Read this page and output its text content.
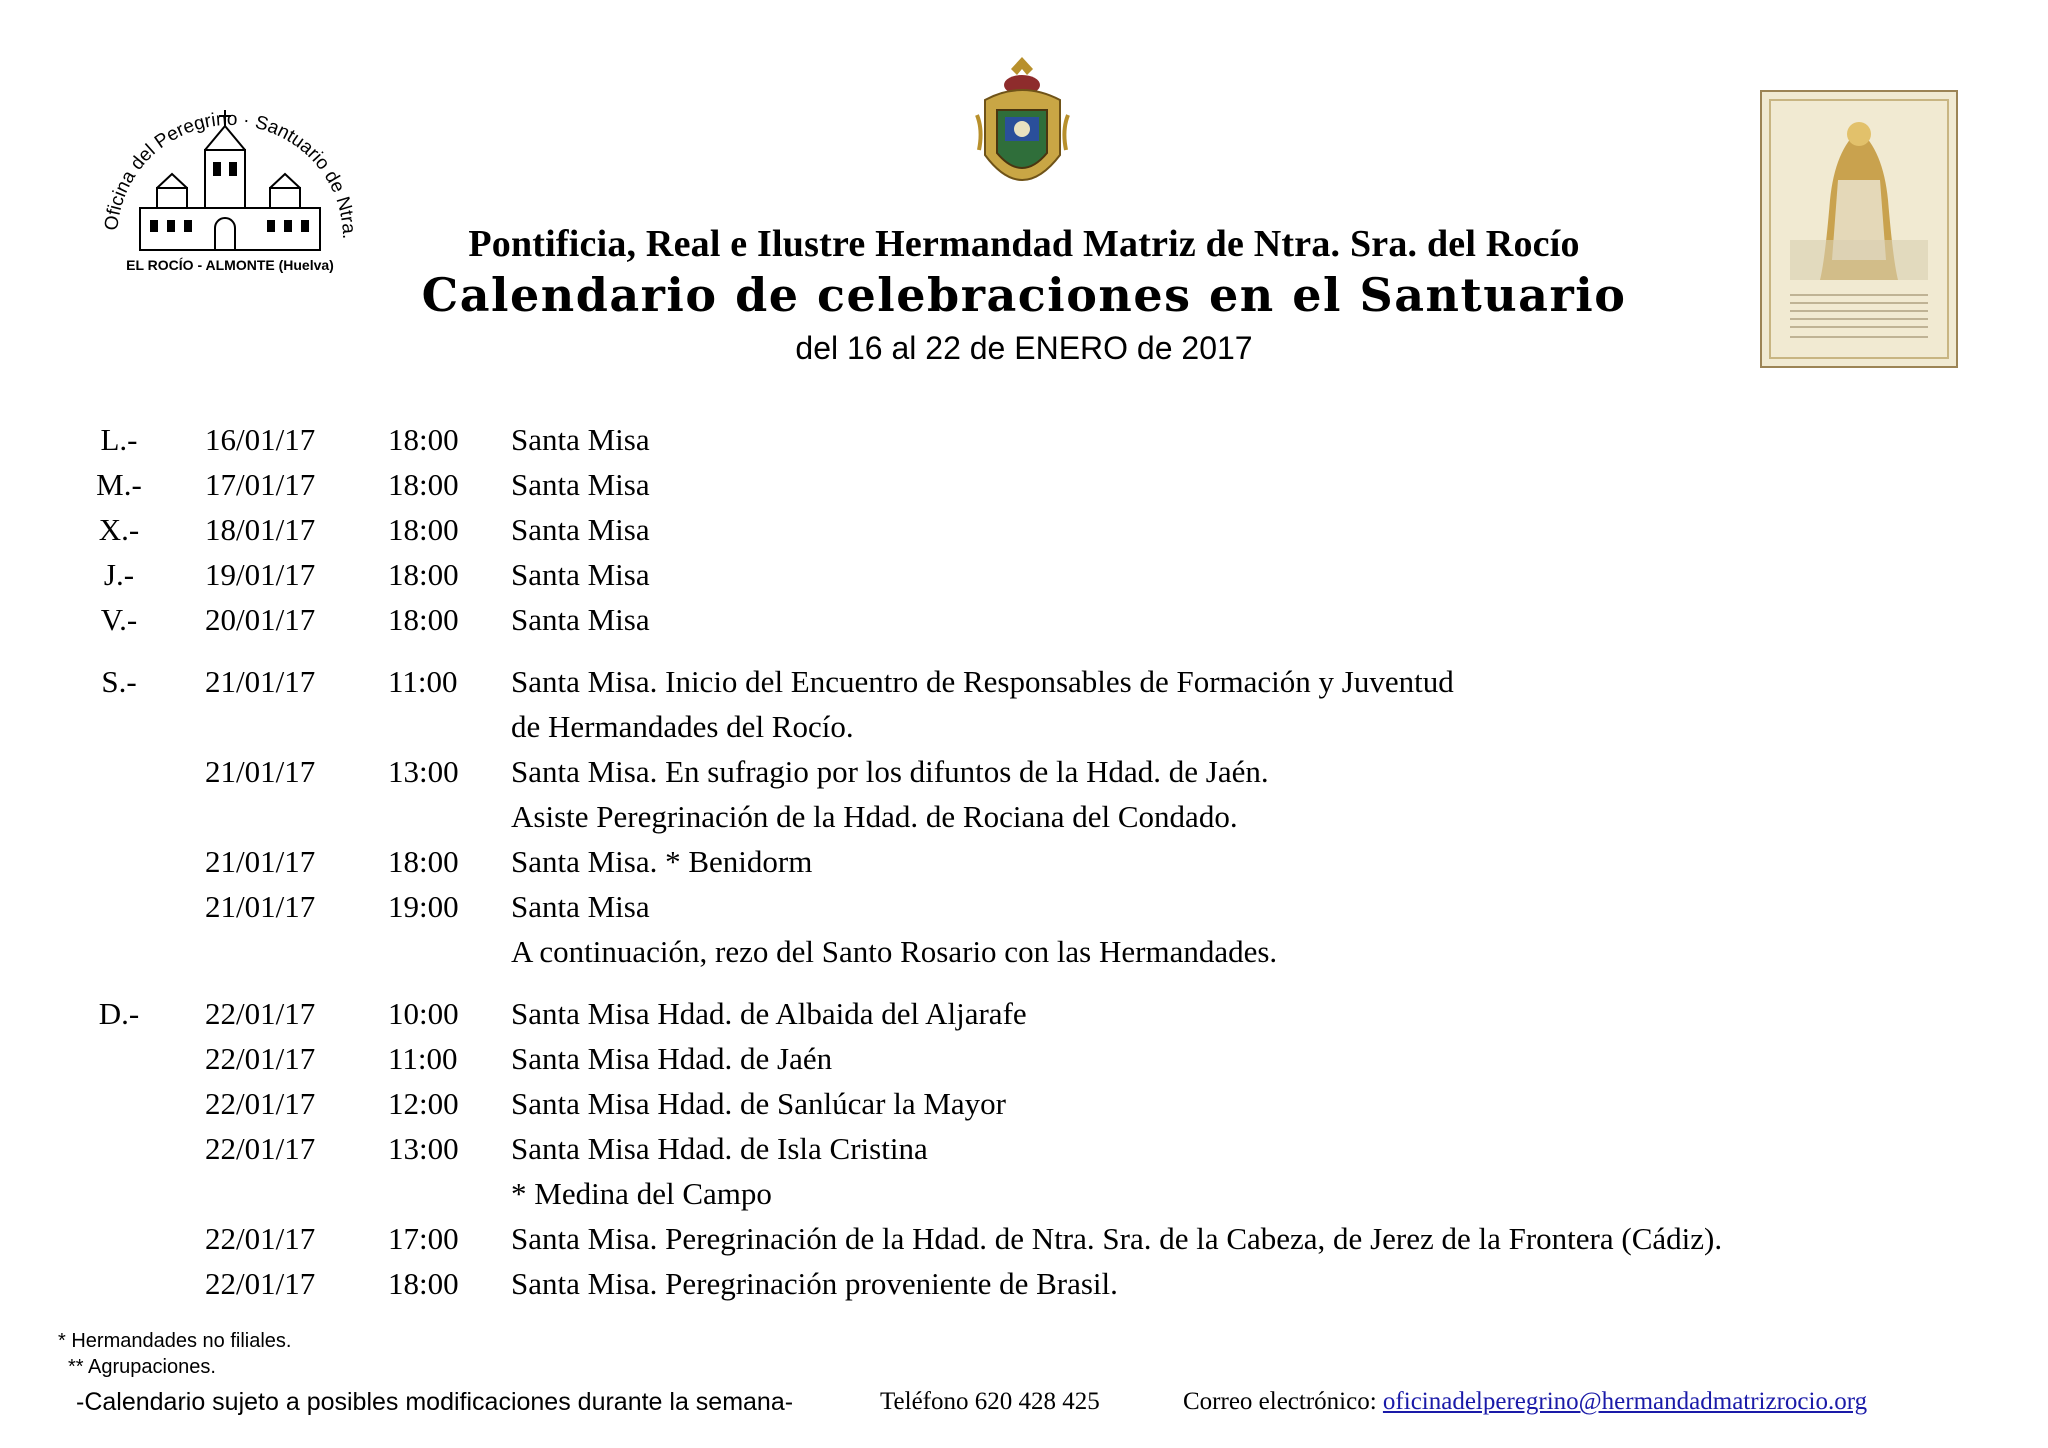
Oficina del Peregrino · Santuario de Ntra.
EL ROCÍO - ALMONTE (Huelva)	Pontificia, Real e Ilustre Hermandad Matriz de Ntra. Sra. del Rocío
Calendario de celebraciones en el Santuario
del 16 al 22 de ENERO de 2017
L.-	16/01/17 18:00 Santa Misa
M.-	17/01/17 18:00 Santa Misa
X.-	18/01/17 18:00 Santa Misa
J.-	19/01/17 18:00 Santa Misa
V.-	20/01/17 18:00 Santa Misa
S.-	21/01/17 11:00 Santa Misa. Inicio del Encuentro de Responsables de Formación y Juventud
de Hermandades del Rocío.
21/01/17 13:00 Santa Misa. En sufragio por los difuntos de la Hdad. de Jaén.
Asiste Peregrinación de la Hdad. de Rociana del Condado.
21/01/17 18:00 Santa Misa. * Benidorm
21/01/17 19:00 Santa Misa
A continuación, rezo del Santo Rosario con las Hermandades.
D.-	22/01/17 10:00 Santa Misa Hdad. de Albaida del Aljarafe
22/01/17 11:00 Santa Misa Hdad. de Jaén
22/01/17 12:00 Santa Misa Hdad. de Sanlúcar la Mayor
22/01/17 13:00 Santa Misa Hdad. de Isla Cristina
* Medina del Campo
22/01/17 17:00 Santa Misa. Peregrinación de la Hdad. de Ntra. Sra. de la Cabeza, de Jerez de la Frontera (Cádiz).
22/01/17 18:00 Santa Misa. Peregrinación proveniente de Brasil.
* Hermandades no filiales.
** Agrupaciones.
-Calendario sujeto a posibles modificaciones durante la semana-	Teléfono 620 428 425	Correo electrónico: oficinadelperegrino@hermandadmatrizrocio.org
